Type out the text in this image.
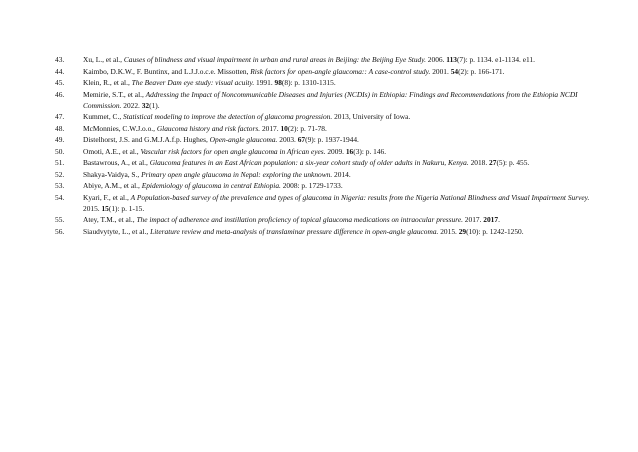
43.	Xu, L., et al., Causes of blindness and visual impairment in urban and rural areas in Beijing: the Beijing Eye Study. 2006. 113(7): p. 1134. e1-1134. e11.
44.	Kaimbo, D.K.W., F. Buntinx, and L.J.J.o.c.e. Missotten, Risk factors for open-angle glaucoma:: A case-control study. 2001. 54(2): p. 166-171.
45.	Klein, R., et al., The Beaver Dam eye study: visual acuity. 1991. 98(8): p. 1310-1315.
46.	Memirie, S.T., et al., Addressing the Impact of Noncommunicable Diseases and Injuries (NCDIs) in Ethiopia: Findings and Recommendations from the Ethiopia NCDI Commission. 2022. 32(1).
47.	Kummet, C., Statistical modeling to improve the detection of glaucoma progression. 2013, University of Iowa.
48.	McMonnies, C.W.J.o.o., Glaucoma history and risk factors. 2017. 10(2): p. 71-78.
49.	Distelhorst, J.S. and G.M.J.A.f.p. Hughes, Open-angle glaucoma. 2003. 67(9): p. 1937-1944.
50.	Omoti, A.E., et al., Vascular risk factors for open angle glaucoma in African eyes. 2009. 16(3): p. 146.
51.	Bastawrous, A., et al., Glaucoma features in an East African population: a six-year cohort study of older adults in Nakuru, Kenya. 2018. 27(5): p. 455.
52.	Shakya-Vaidya, S., Primary open angle glaucoma in Nepal: exploring the unknown. 2014.
53.	Abiye, A.M., et al., Epidemiology of glaucoma in central Ethiopia. 2008: p. 1729-1733.
54.	Kyari, F., et al., A Population-based survey of the prevalence and types of glaucoma in Nigeria: results from the Nigeria National Blindness and Visual Impairment Survey. 2015. 15(1): p. 1-15.
55.	Atey, T.M., et al., The impact of adherence and instillation proficiency of topical glaucoma medications on intraocular pressure. 2017. 2017.
56.	Siaudvytyte, L., et al., Literature review and meta-analysis of translaminar pressure difference in open-angle glaucoma. 2015. 29(10): p. 1242-1250.
